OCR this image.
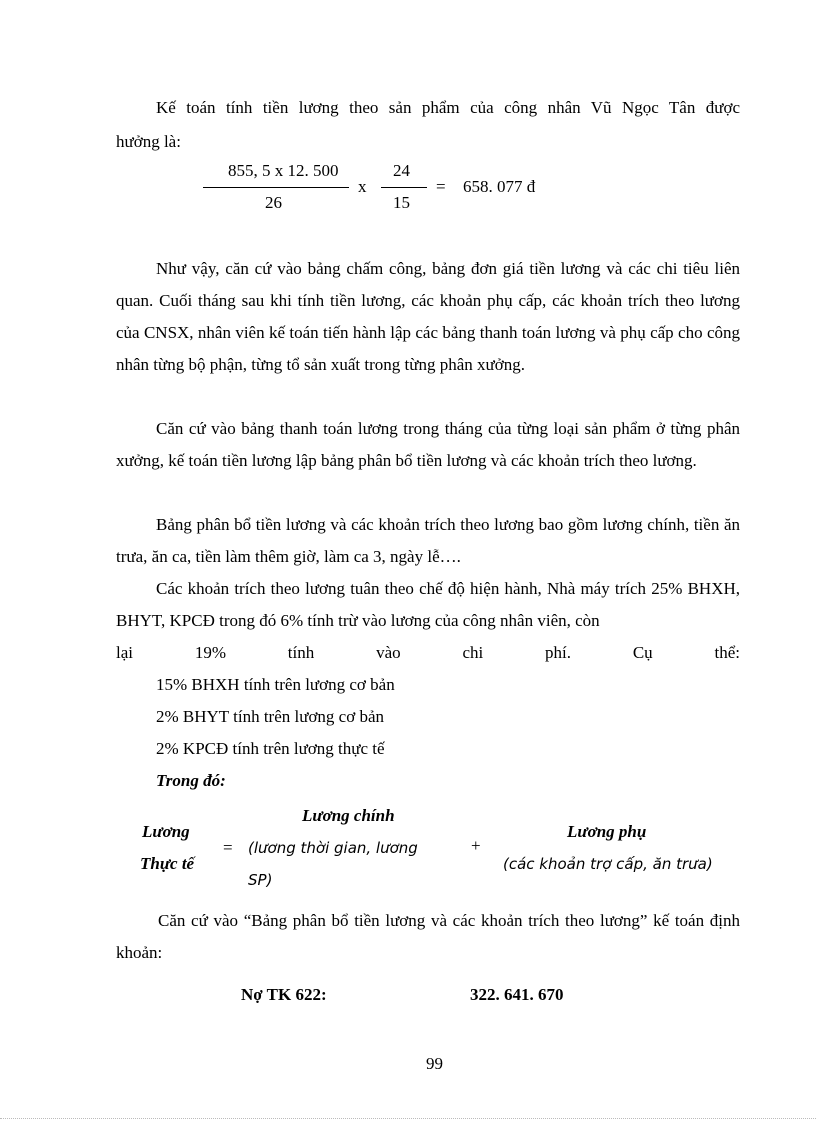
Kế toán tính tiền lương theo sản phẩm của công nhân Vũ Ngọc Tân được
hưởng là:
855, 5 x 12. 500
26
x
24
15
= 658. 077 đ
Như vậy, căn cứ vào bảng chấm công, bảng đơn giá tiền lương và các chi tiêu liên quan. Cuối tháng sau khi tính tiền lương, các khoản phụ cấp, các khoản trích theo lương của CNSX, nhân viên kế toán tiến hành lập các bảng thanh toán lương và phụ cấp cho công nhân từng bộ phận, từng tổ sản xuất trong từng phân xưởng.
Căn cứ vào bảng thanh toán lương trong tháng của từng loại sản phẩm ở từng phân xưởng, kế toán tiền lương lập bảng phân bổ tiền lương và các khoản trích theo lương.
Bảng phân bổ tiền lương và các khoản trích theo lương bao gồm lương chính, tiền ăn trưa, ăn ca, tiền làm thêm giờ, làm ca 3, ngày lễ….
Các khoản trích theo lương tuân theo chế độ hiện hành, Nhà máy trích 25% BHXH, BHYT, KPCĐ trong đó 6% tính trừ vào lương của công nhân viên, còn
lại 19% tính vào chi phí. Cụ thể:
15% BHXH tính trên lương cơ bản
2% BHYT tính trên lương cơ bản
2% KPCĐ tính trên lương thực tế
Trong đó:
Lương
Thực tế
=
Lương chính
(lương thời gian, lương
SP)
+
Lương phụ
(các khoản trợ cấp, ăn trưa)
Căn cứ vào “Bảng phân bổ tiền lương và các khoản trích theo lương” kế toán định khoản:
Nợ TK 622:	322. 641. 670
99
